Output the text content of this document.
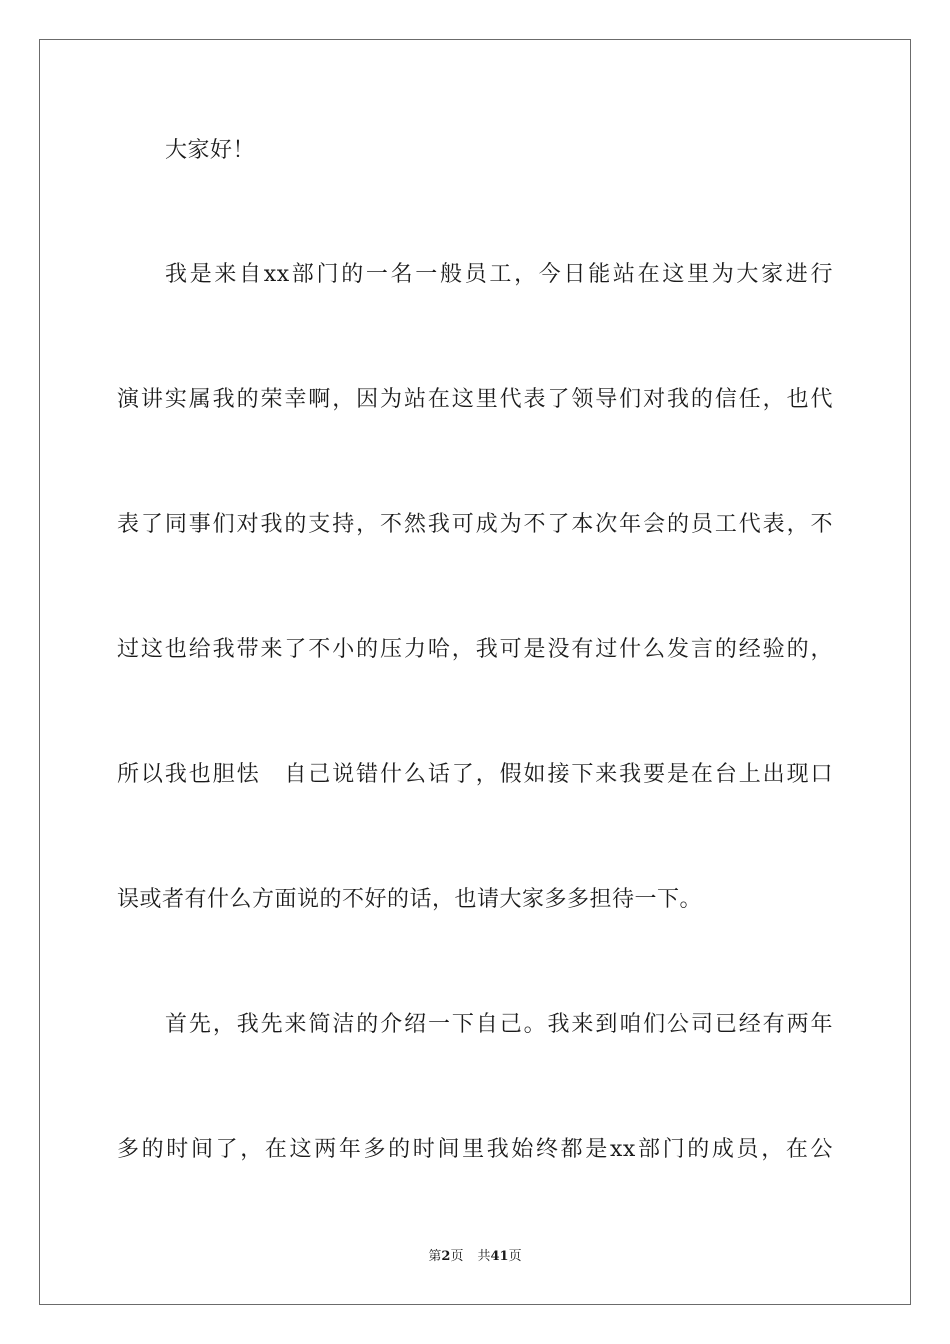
大家好！
我是来自xx部门的一名一般员工，今日能站在这里为大家进行
演讲实属我的荣幸啊，因为站在这里代表了领导们对我的信任，也代
表了同事们对我的支持，不然我可成为不了本次年会的员工代表，不
过这也给我带来了不小的压力哈，我可是没有过什么发言的经验的，
所以我也胆怯　自己说错什么话了，假如接下来我要是在台上出现口
误或者有什么方面说的不好的话，也请大家多多担待一下。
首先，我先来简洁的介绍一下自己。我来到咱们公司已经有两年
多的时间了，在这两年多的时间里我始终都是xx部门的成员，在公
第2页 共41页
